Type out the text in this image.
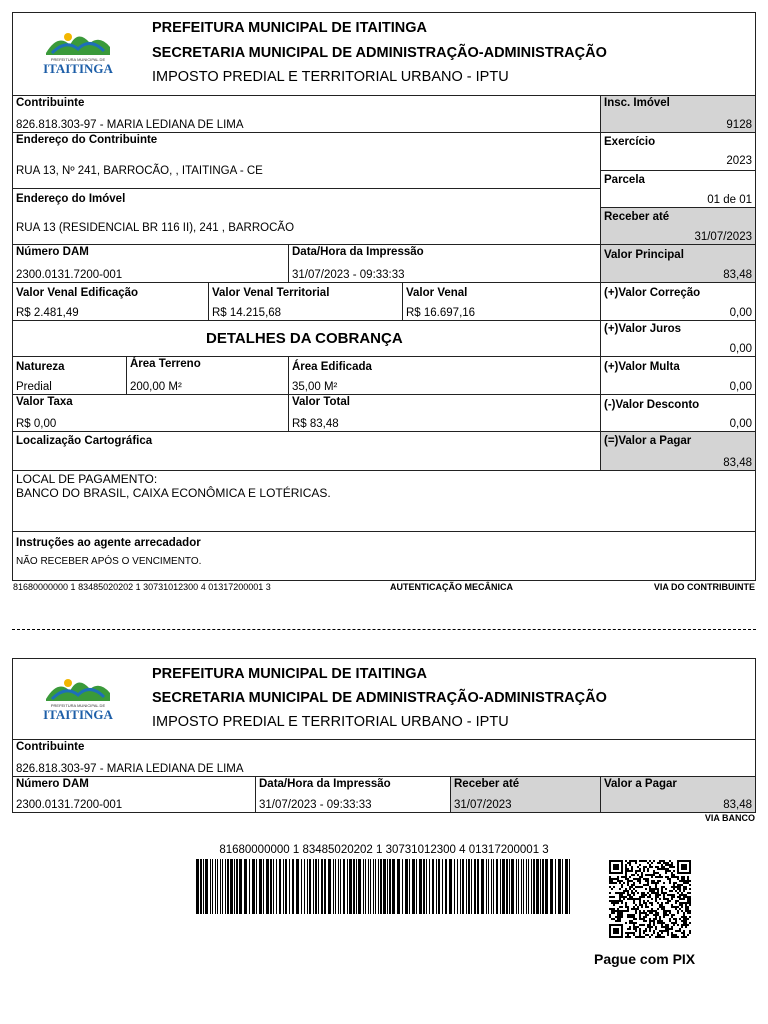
PREFEITURA MUNICIPAL DE
ITAITINGA
PREFEITURA MUNICIPAL DE ITAITINGA
SECRETARIA MUNICIPAL DE ADMINISTRAÇÃO-ADMINISTRAÇÃO
IMPOSTO PREDIAL E TERRITORIAL URBANO - IPTU
Contribuinte
826.818.303-97 - MARIA LEDIANA DE LIMA
Endereço do Contribuinte
RUA 13, Nº 241, BARROCÃO, , ITAITINGA - CE
Endereço do Imóvel
RUA 13 (RESIDENCIAL BR 116 II), 241 , BARROCÃO
Número DAM
2300.0131.7200-001
Data/Hora da Impressão
31/07/2023 - 09:33:33
Valor Venal Edificação
R$ 2.481,49
Valor Venal Territorial
R$ 14.215,68
Valor Venal
R$ 16.697,16
DETALHES DA COBRANÇA
Natureza
Predial
Área Terreno
200,00 M²
Área Edificada
35,00 M²
Valor Taxa
R$ 0,00
Valor Total
R$ 83,48
Localização Cartográfica
Insc. Imóvel
9128
Exercício
2023
Parcela
01 de 01
Receber até
31/07/2023
Valor Principal
83,48
(+)Valor Correção
0,00
(+)Valor Juros
0,00
(+)Valor Multa
0,00
(-)Valor Desconto
0,00
(=)Valor a Pagar
83,48
LOCAL DE PAGAMENTO:
BANCO DO BRASIL, CAIXA ECONÔMICA E LOTÉRICAS.
Instruções ao agente arrecadador
NÃO RECEBER APÓS O VENCIMENTO.
81680000000 1 83485020202 1 30731012300 4 01317200001 3	AUTENTICAÇÃO MECÂNICA	VIA DO CONTRIBUINTE
PREFEITURA MUNICIPAL DE
ITAITINGA
PREFEITURA MUNICIPAL DE ITAITINGA
SECRETARIA MUNICIPAL DE ADMINISTRAÇÃO-ADMINISTRAÇÃO
IMPOSTO PREDIAL E TERRITORIAL URBANO - IPTU
Contribuinte
826.818.303-97 - MARIA LEDIANA DE LIMA
Número DAM
2300.0131.7200-001
Data/Hora da Impressão
31/07/2023 - 09:33:33
Receber até
31/07/2023
Valor a Pagar
83,48
VIA BANCO
81680000000 1 83485020202 1 30731012300 4 01317200001 3
Pague com PIX
